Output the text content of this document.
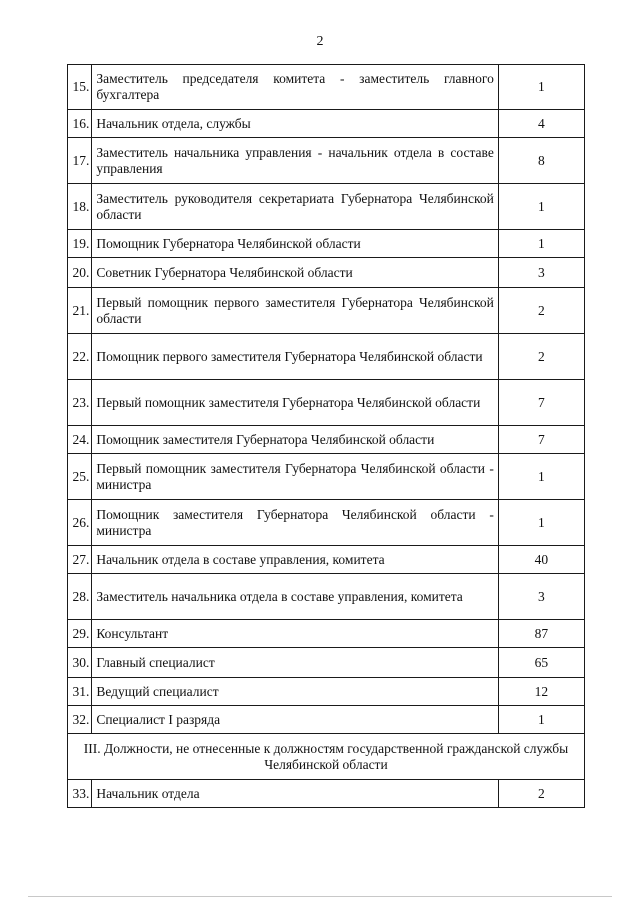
2
15.	Заместитель председателя комитета - заместитель главного бухгалтера	1
16.	Начальник отдела, службы	4
17.	Заместитель начальника управления - начальник отдела в составе управления	8
18.	Заместитель руководителя секретариата Губернатора Челябинской области	1
19.	Помощник Губернатора Челябинской области	1
20.	Советник Губернатора Челябинской области	3
21.	Первый помощник первого заместителя Губернатора Челябинской области	2
22.	Помощник первого заместителя Губернатора Челябинской области	2
23.	Первый помощник заместителя Губернатора Челябинской области	7
24.	Помощник заместителя Губернатора Челябинской области	7
25.	Первый помощник заместителя Губернатора Челябинской области - министра	1
26.	Помощник заместителя Губернатора Челябинской области - министра	1
27.	Начальник отдела в составе управления, комитета	40
28.	Заместитель начальника отдела в составе управления, комитета	3
29.	Консультант	87
30.	Главный специалист	65
31.	Ведущий специалист	12
32.	Специалист I разряда	1
III. Должности, не отнесенные к должностям государственной гражданской службы Челябинской области		
33.	Начальник отдела	2
